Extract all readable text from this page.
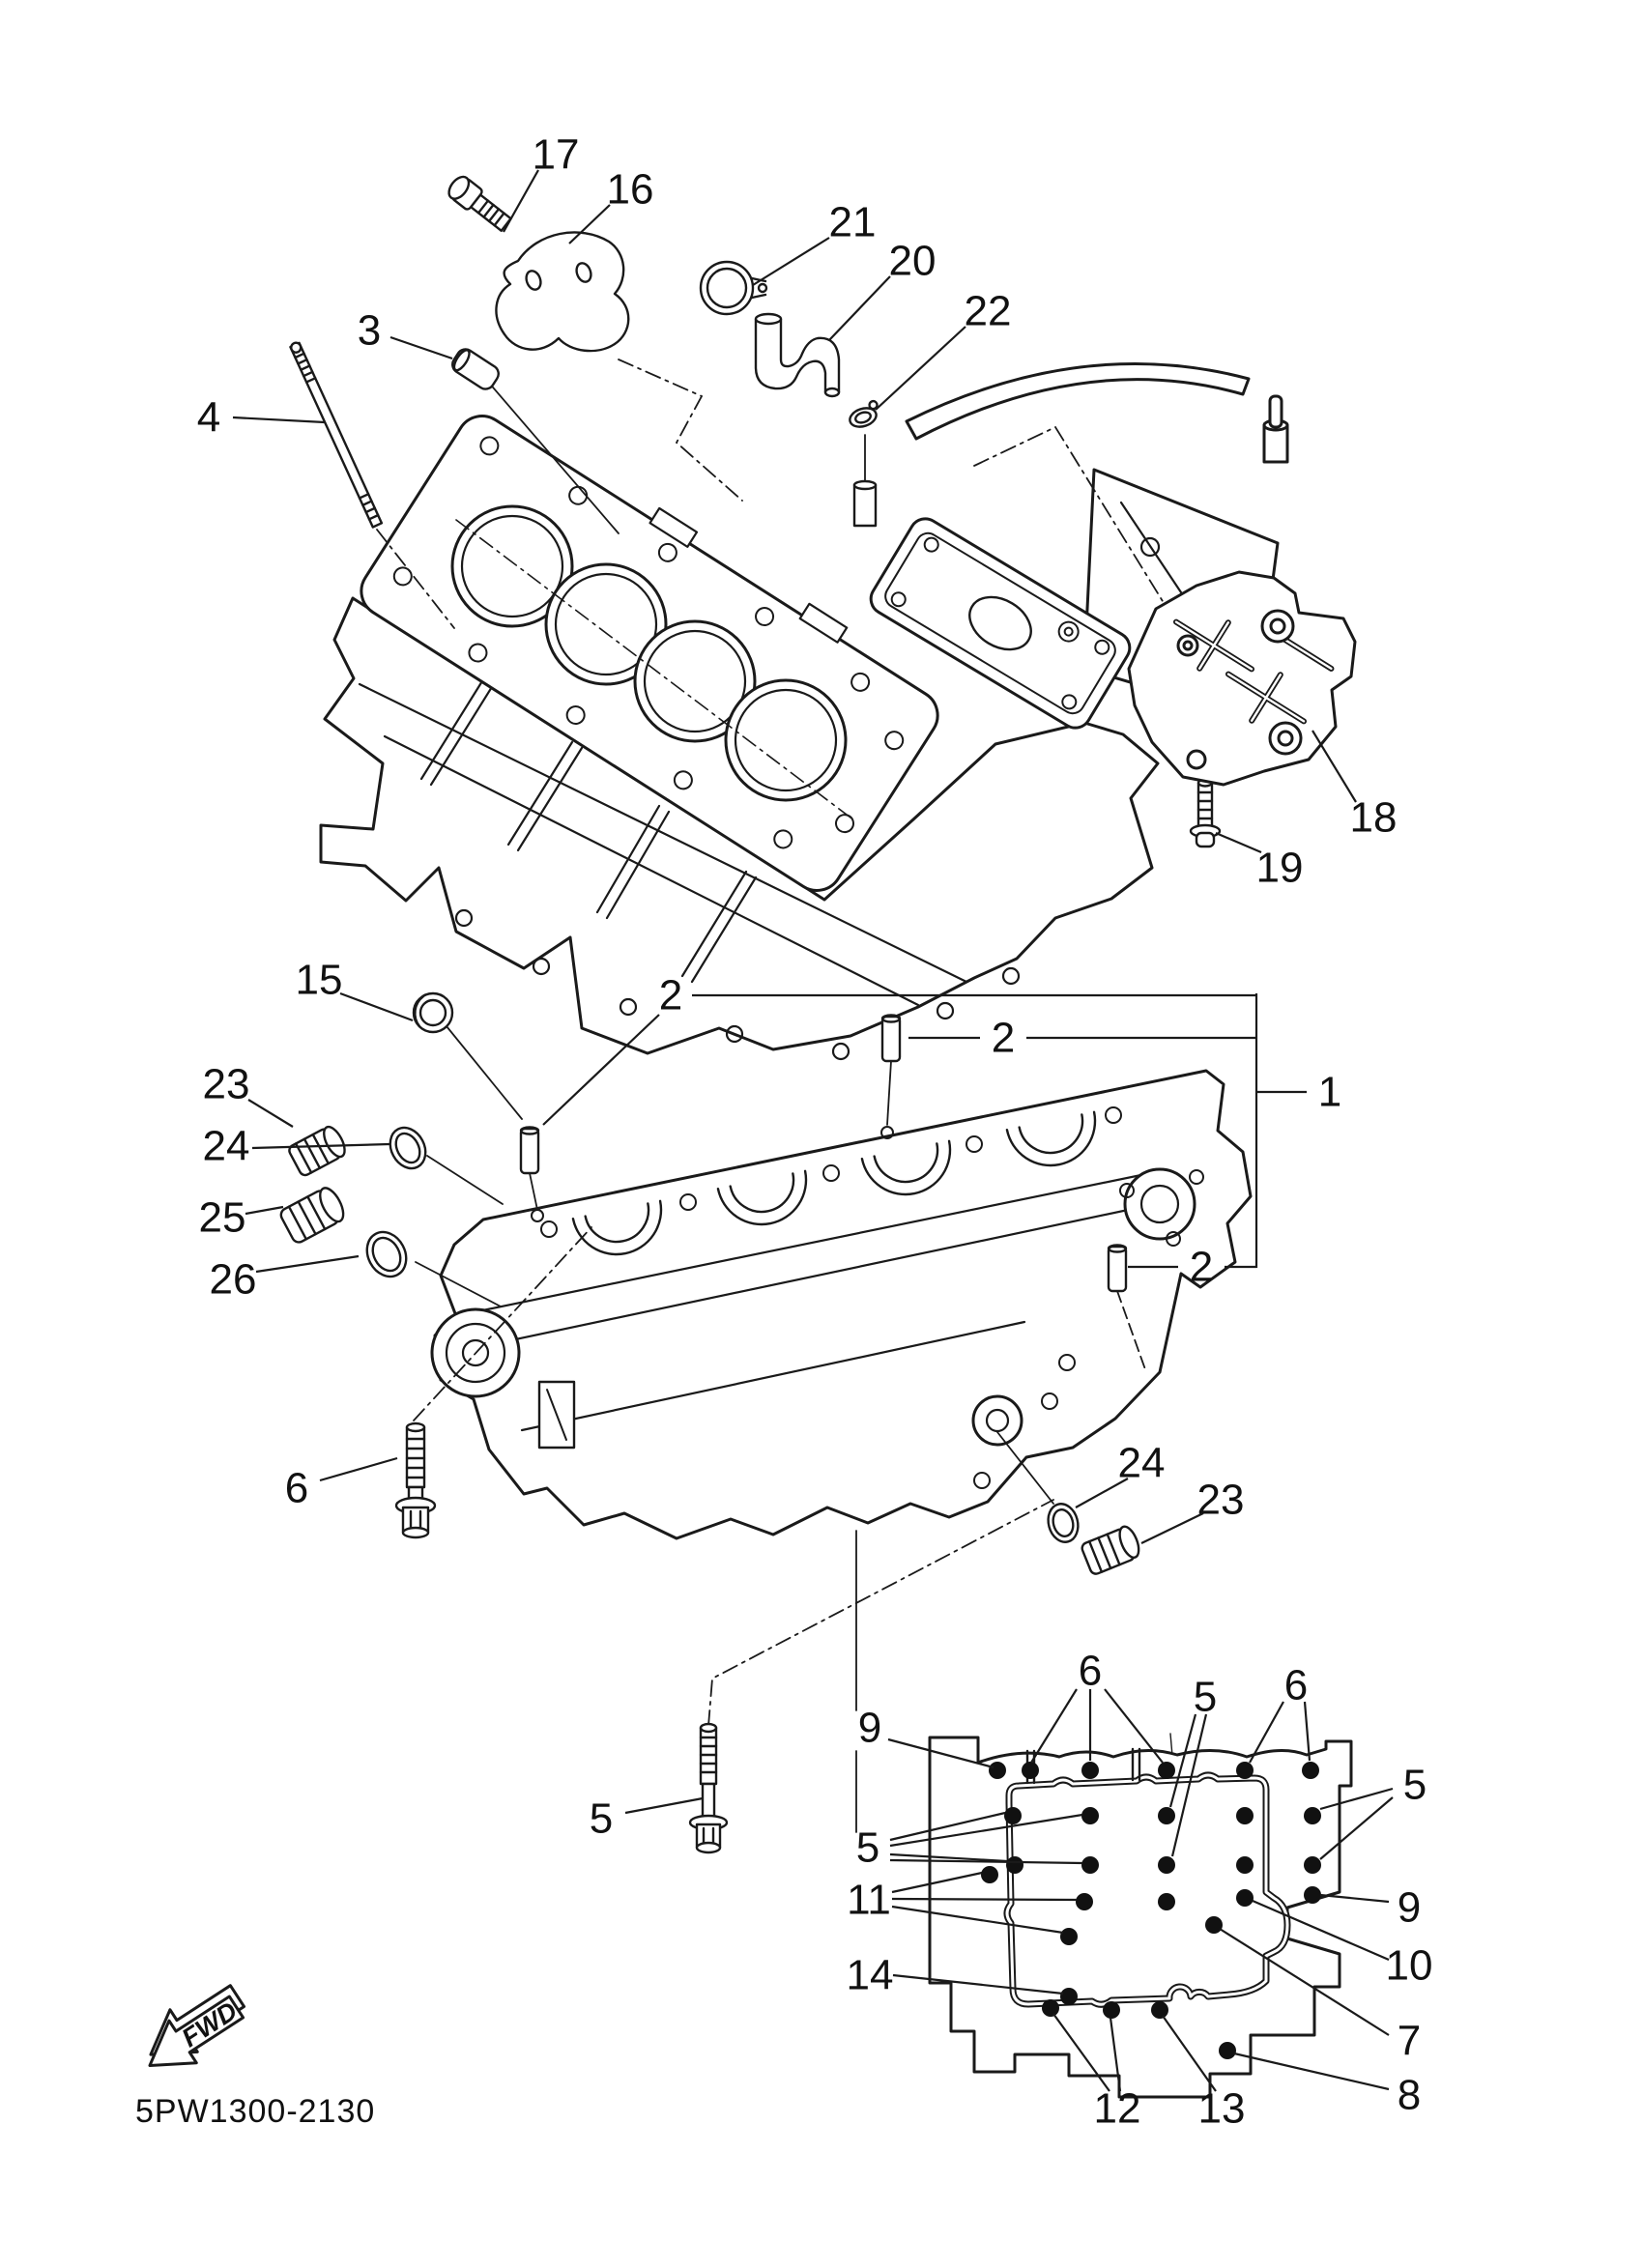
17
16
21
20
22
3
4
18
19
15	2
2
2
1
23
24
25
26
6
24
23
5
9
6
5 6
5
5
11	9
10
14
7
8
12 13
FWD
5PW1300-2130
